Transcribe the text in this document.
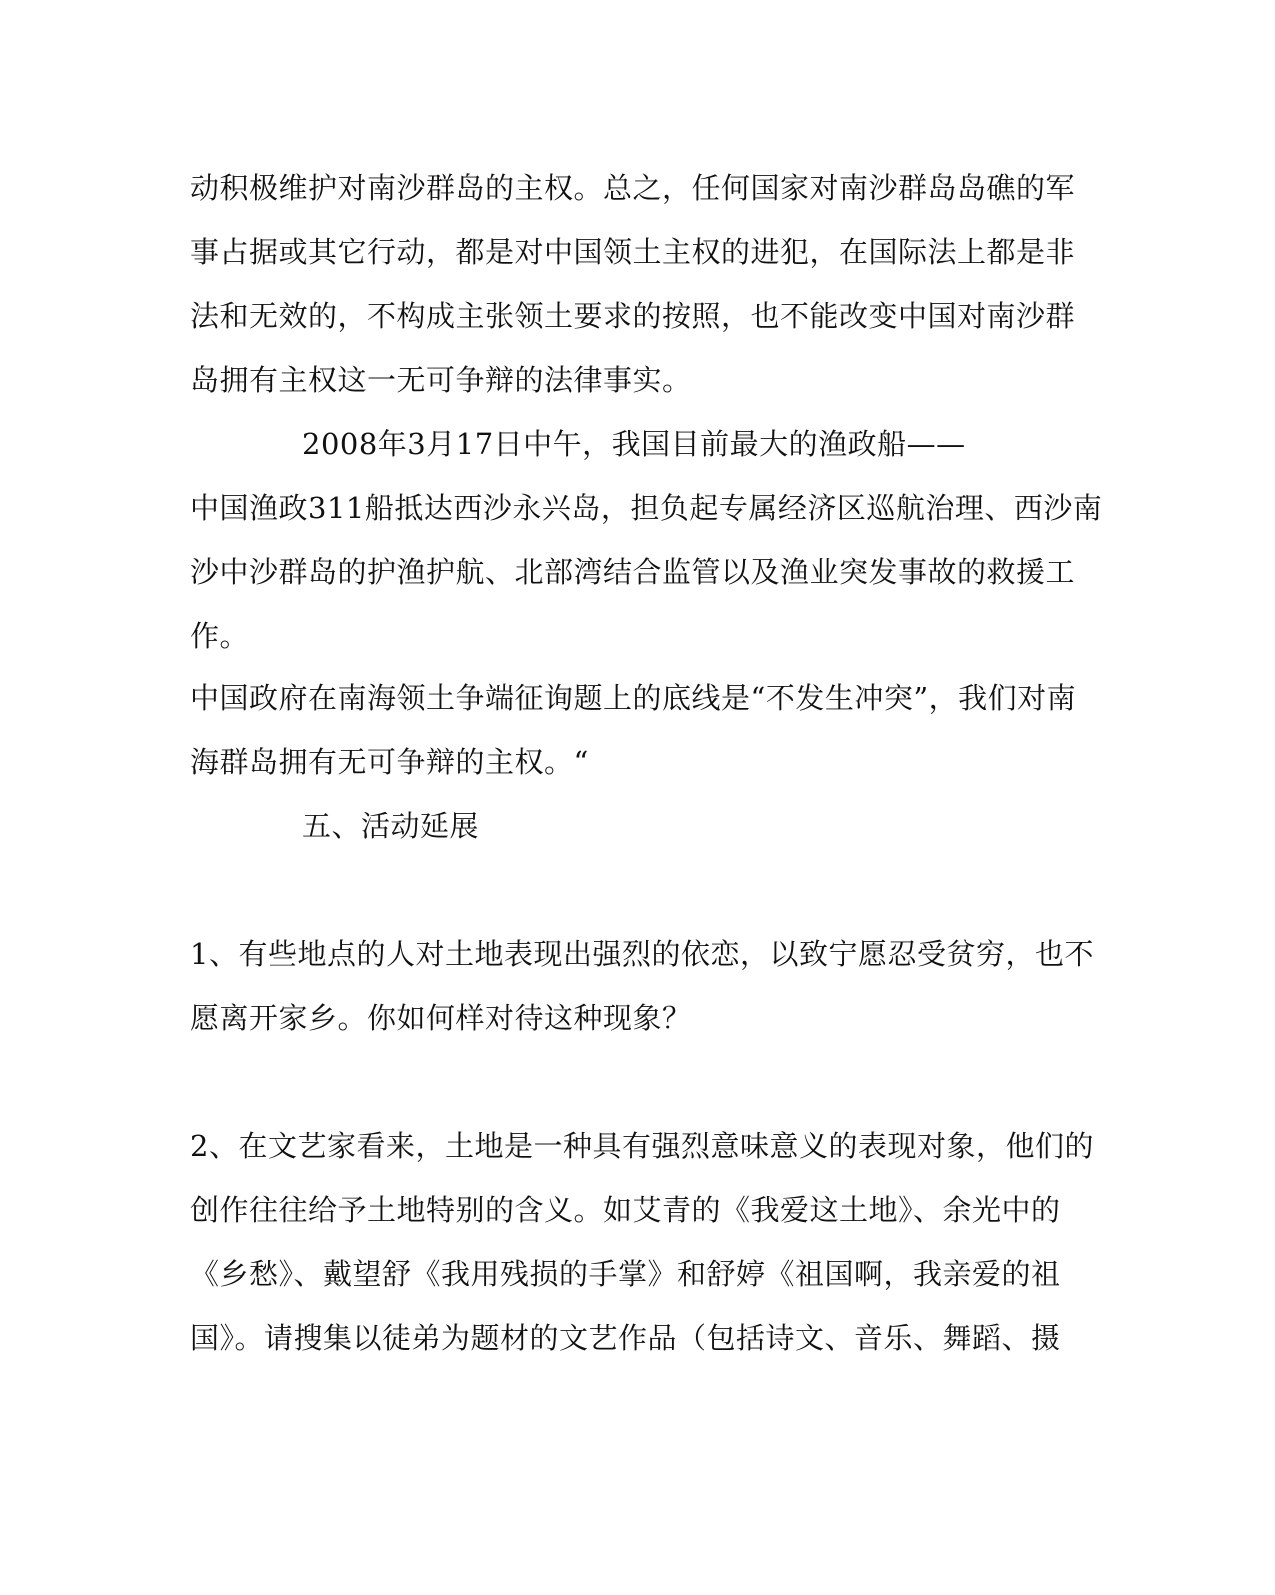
动积极维护对南沙群岛的主权。总之，任何国家对南沙群岛岛礁的军
事占据或其它行动，都是对中国领土主权的进犯，在国际法上都是非
法和无效的，不构成主张领土要求的按照，也不能改变中国对南沙群
岛拥有主权这一无可争辩的法律事实。
2008年3月17日中午，我国目前最大的渔政船——
中国渔政311船抵达西沙永兴岛，担负起专属经济区巡航治理、西沙南
沙中沙群岛的护渔护航、北部湾结合监管以及渔业突发事故的救援工
作。
中国政府在南海领土争端征询题上的底线是“不发生冲突”，我们对南
海群岛拥有无可争辩的主权。“
五、活动延展
1、有些地点的人对土地表现出强烈的依恋，以致宁愿忍受贫穷，也不
愿离开家乡。你如何样对待这种现象？
2、在文艺家看来，土地是一种具有强烈意味意义的表现对象，他们的
创作往往给予土地特别的含义。如艾青的《我爱这土地》、余光中的
《乡愁》、戴望舒《我用残损的手掌》和舒婷《祖国啊，我亲爱的祖
国》。请搜集以徒弟为题材的文艺作品（包括诗文、音乐、舞蹈、摄
